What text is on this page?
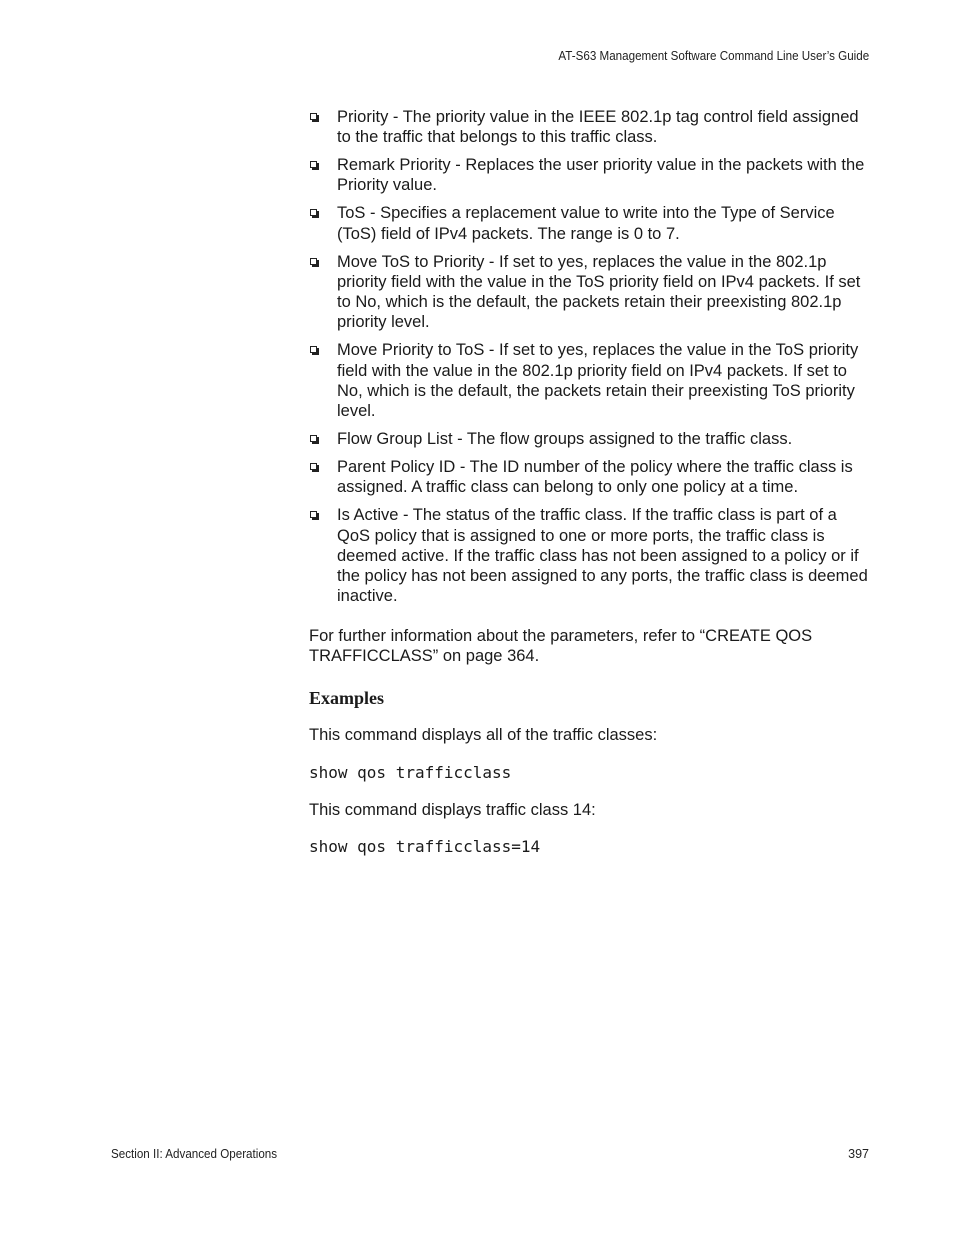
AT-S63 Management Software Command Line User’s Guide
Priority - The priority value in the IEEE 802.1p tag control field assigned to the traffic that belongs to this traffic class.
Remark Priority - Replaces the user priority value in the packets with the Priority value.
ToS - Specifies a replacement value to write into the Type of Service (ToS) field of IPv4 packets. The range is 0 to 7.
Move ToS to Priority - If set to yes, replaces the value in the 802.1p priority field with the value in the ToS priority field on IPv4 packets. If set to No, which is the default, the packets retain their preexisting 802.1p priority level.
Move Priority to ToS - If set to yes, replaces the value in the ToS priority field with the value in the 802.1p priority field on IPv4 packets. If set to No, which is the default, the packets retain their preexisting ToS priority level.
Flow Group List - The flow groups assigned to the traffic class.
Parent Policy ID - The ID number of the policy where the traffic class is assigned. A traffic class can belong to only one policy at a time.
Is Active - The status of the traffic class. If the traffic class is part of a QoS policy that is assigned to one or more ports, the traffic class is deemed active. If the traffic class has not been assigned to a policy or if the policy has not been assigned to any ports, the traffic class is deemed inactive.

For further information about the parameters, refer to “CREATE QOS TRAFFICCLASS” on page 364.

Examples

This command displays all of the traffic classes:

show qos trafficclass

This command displays traffic class 14:

show qos trafficclass=14
Section II: Advanced Operations	397
